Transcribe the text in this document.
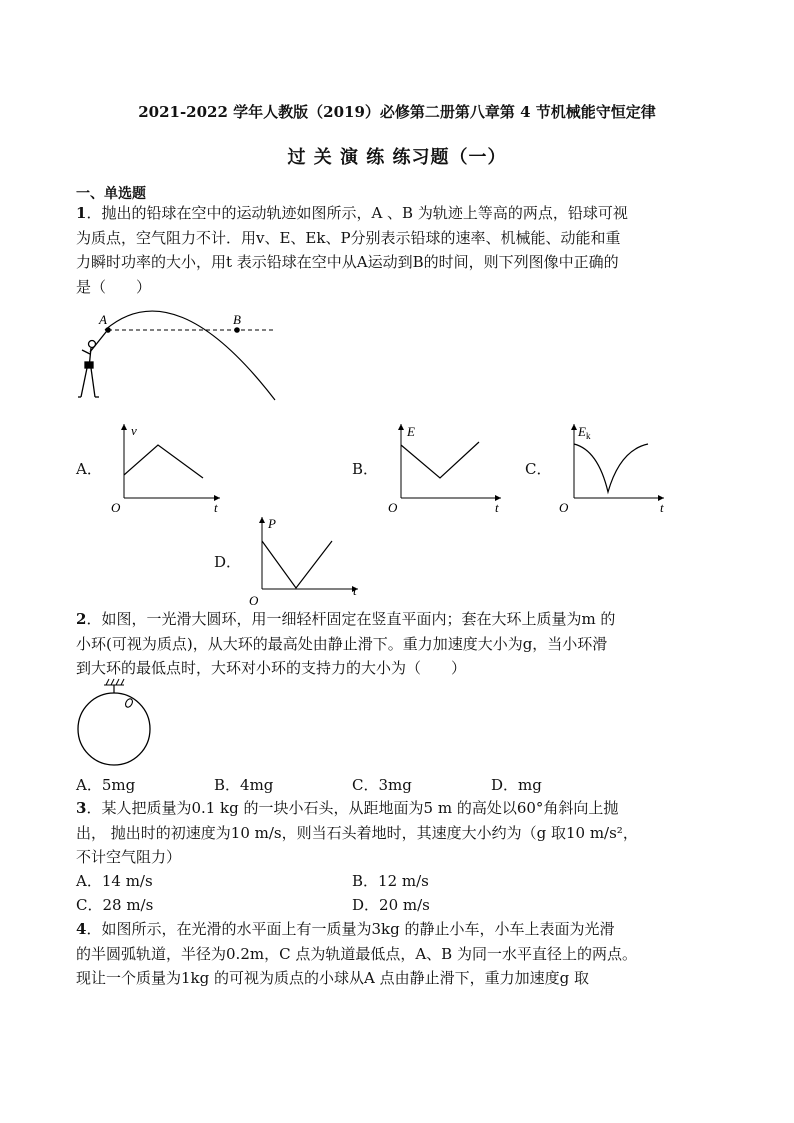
2021-2022 学年人教版（2019）必修第二册第八章第 4 节机械能守恒定律
过 关 演 练 练习题（一）
一、单选题
1．抛出的铅球在空中的运动轨迹如图所示，A 、B 为轨迹上等高的两点，铅球可视
为质点，空气阻力不计．用v、E、Ek、P分别表示铅球的速率、机械能、动能和重
力瞬时功率的大小，用t 表示铅球在空中从A运动到B的时间，则下列图像中正确的
是（　　）
A	B
A．
v
t
O
B．
E
t
O
C．
$E_k$
t
O
D．
P
t
O
2．如图，一光滑大圆环，用一细轻杆固定在竖直平面内；套在大环上质量为m 的
小环(可视为质点)，从大环的最高处由静止滑下。重力加速度大小为g，当小环滑
到大环的最低点时，大环对小环的支持力的大小为（　　）
A．5mg	B．4mg	C．3mg	D．mg
3．某人把质量为0.1 kg 的一块小石头，从距地面为5 m 的高处以60°角斜向上抛
出， 抛出时的初速度为10 m/s，则当石头着地时，其速度大小约为（g 取10 m/s²，
不计空气阻力）
A．14 m/s	B．12 m/s
C．28 m/s	D．20 m/s
4．如图所示，在光滑的水平面上有一质量为3kg 的静止小车，小车上表面为光滑
的半圆弧轨道，半径为0.2m，C 点为轨道最低点，A、B 为同一水平直径上的两点。
现让一个质量为1kg 的可视为质点的小球从A 点由静止滑下，重力加速度g 取
